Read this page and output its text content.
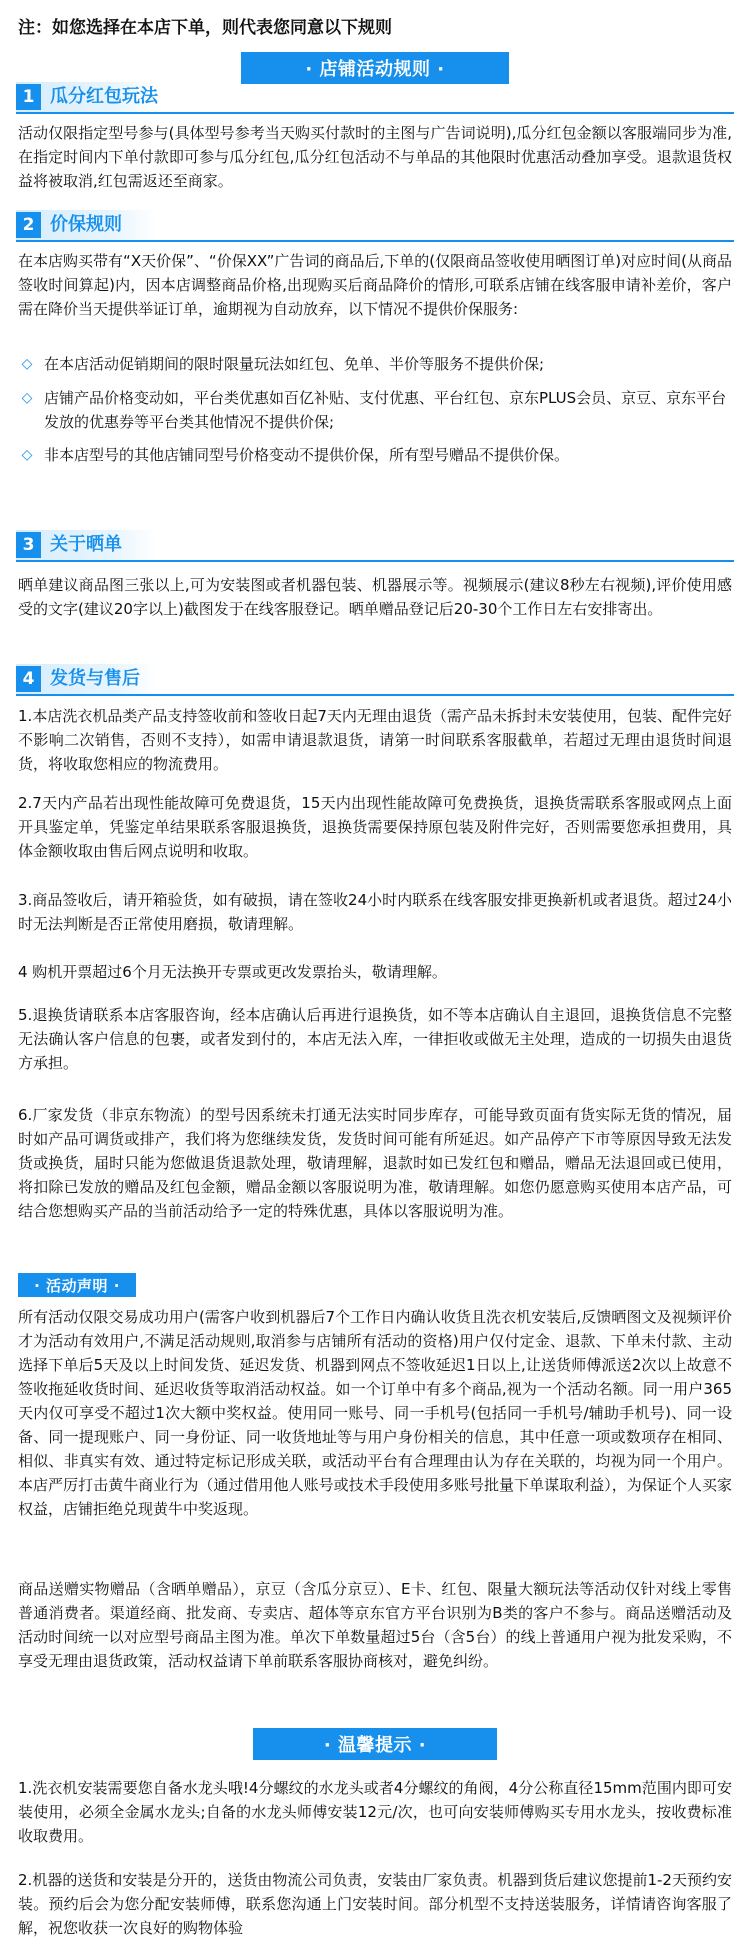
注：如您选择在本店下单，则代表您同意以下规则
· 店铺活动规则 ·
1 瓜分红包玩法

活动仅限指定型号参与(具体型号参考当天购买付款时的主图与广告词说明),瓜分红包金额以客服端同步为准,在指定时间内下单付款即可参与瓜分红包,瓜分红包活动不与单品的其他限时优惠活动叠加享受。退款退货权益将被取消,红包需返还至商家。

2 价保规则

在本店购买带有“X天价保”、“价保XX”广告词的商品后,下单的(仅限商品签收使用晒图订单)对应时间(从商品签收时间算起)内，因本店调整商品价格,出现购买后商品降价的情形,可联系店铺在线客服申请补差价，客户需在降价当天提供举证订单，逾期视为自动放弃，以下情况不提供价保服务:

◇ 在本店活动促销期间的限时限量玩法如红包、免单、半价等服务不提供价保;
◇ 店铺产品价格变动如，平台类优惠如百亿补贴、支付优惠、平台红包、京东PLUS会员、京豆、京东平台发放的优惠券等平台类其他情况不提供价保;
◇ 非本店型号的其他店铺同型号价格变动不提供价保，所有型号赠品不提供价保。
3 关于晒单

晒单建议商品图三张以上,可为安装图或者机器包装、机器展示等。视频展示(建议8秒左右视频),评价使用感受的文字(建议20字以上)截图发于在线客服登记。晒单赠品登记后20-30个工作日左右安排寄出。

4 发货与售后

1.本店洗衣机品类产品支持签收前和签收日起7天内无理由退货（需产品未拆封未安装使用，包装、配件完好不影响二次销售，否则不支持），如需申请退款退货，请第一时间联系客服截单，若超过无理由退货时间退货，将收取您相应的物流费用。

2.7天内产品若出现性能故障可免费退货，15天内出现性能故障可免费换货，退换货需联系客服或网点上面开具鉴定单，凭鉴定单结果联系客服退换货，退换货需要保持原包装及附件完好，否则需要您承担费用，具体金额收取由售后网点说明和收取。

3.商品签收后，请开箱验货，如有破损，请在签收24小时内联系在线客服安排更换新机或者退货。超过24小时无法判断是否正常使用磨损，敬请理解。

4 购机开票超过6个月无法换开专票或更改发票抬头，敬请理解。

5.退换货请联系本店客服咨询，经本店确认后再进行退换货，如不等本店确认自主退回，退换货信息不完整无法确认客户信息的包裹，或者发到付的，本店无法入库，一律拒收或做无主处理，造成的一切损失由退货方承担。

6.厂家发货（非京东物流）的型号因系统未打通无法实时同步库存，可能导致页面有货实际无货的情况，届时如产品可调货或排产，我们将为您继续发货，发货时间可能有所延迟。如产品停产下市等原因导致无法发货或换货，届时只能为您做退货退款处理，敬请理解，退款时如已发红包和赠品，赠品无法退回或已使用，将扣除已发放的赠品及红包金额，赠品金额以客服说明为准，敬请理解。如您仍愿意购买使用本店产品，可结合您想购买产品的当前活动给予一定的特殊优惠，具体以客服说明为准。

· 活动声明 ·

所有活动仅限交易成功用户(需客户收到机器后7个工作日内确认收货且洗衣机安装后,反馈晒图文及视频评价才为活动有效用户,不满足活动规则,取消参与店铺所有活动的资格)用户仅付定金、退款、下单未付款、主动选择下单后5天及以上时间发货、延迟发货、机器到网点不签收延迟1日以上,让送货师傅派送2次以上故意不签收拖延收货时间、延迟收货等取消活动权益。如一个订单中有多个商品,视为一个活动名额。同一用户365天内仅可享受不超过1次大额中奖权益。使用同一账号、同一手机号(包括同一手机号/辅助手机号)、同一设备、同一提现账户、同一身份证、同一收货地址等与用户身份相关的信息，其中任意一项或数项存在相同、相似、非真实有效、通过特定标记形成关联，或活动平台有合理理由认为存在关联的，均视为同一个用户。本店严厉打击黄牛商业行为（通过借用他人账号或技术手段使用多账号批量下单谋取利益），为保证个人买家权益，店铺拒绝兑现黄牛中奖返现。

商品送赠实物赠品（含晒单赠品），京豆（含瓜分京豆）、E卡、红包、限量大额玩法等活动仅针对线上零售普通消费者。渠道经商、批发商、专卖店、超体等京东官方平台识别为B类的客户不参与。商品送赠活动及活动时间统一以对应型号商品主图为准。单次下单数量超过5台（含5台）的线上普通用户视为批发采购，不享受无理由退货政策，活动权益请下单前联系客服协商核对，避免纠纷。

· 温馨提示 ·

1.洗衣机安装需要您自备水龙头哦!4分螺纹的水龙头或者4分螺纹的角阀，4分公称直径15mm范围内即可安装使用，必须全金属水龙头;自备的水龙头师傅安装12元/次，也可向安装师傅购买专用水龙头，按收费标准收取费用。

2.机器的送货和安装是分开的，送货由物流公司负责，安装由厂家负责。机器到货后建议您提前1-2天预约安装。预约后会为您分配安装师傅，联系您沟通上门安装时间。部分机型不支持送装服务，详情请咨询客服了解，祝您收获一次良好的购物体验
